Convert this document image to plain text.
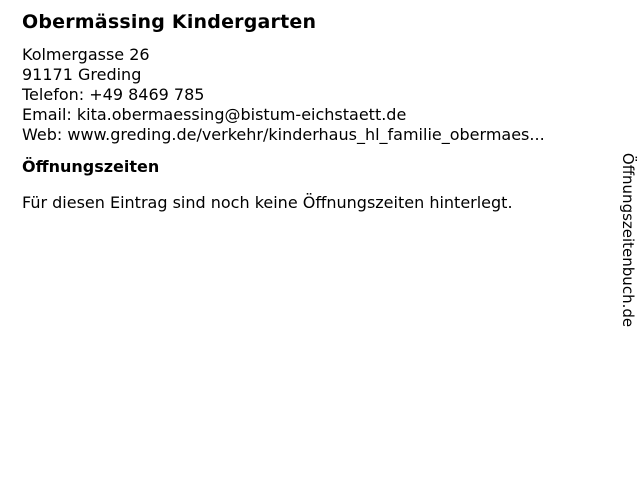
Obermässing Kindergarten
Kolmergasse 26
91171 Greding
Telefon: +49 8469 785
Email: kita.obermaessing@bistum-eichstaett.de
Web: www.greding.de/verkehr/kinderhaus_hl_familie_obermaes...
Öffnungszeiten

Für diesen Eintrag sind noch keine Öffnungszeiten hinterlegt.	Öffnungszeitenbuch.de
